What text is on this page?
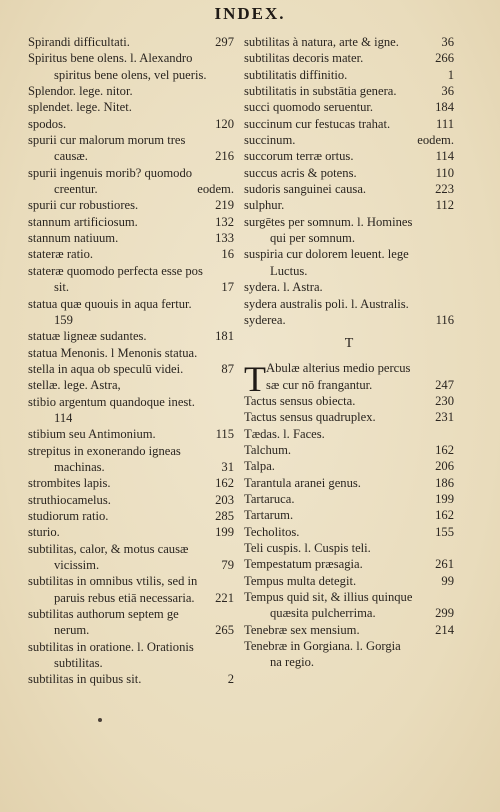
INDEX.
Spirandi difficultati.	297
Spiritus bene olens. l. Alexandro
spiritus bene olens, vel pueris.
Splendor. lege. nitor.
splendet. lege. Nitet.
spodos.	120
spurii cur malorum morum tres
causæ.	216
spurii ingenuis morib? quomodo
creentur.	eodem.
spurii cur robustiores.	219
stannum artificiosum.	132
stannum natiuum.	133
stateræ ratio.	16
stateræ quomodo perfecta esse pos
sit.	17
statua quæ quouis in aqua fertur.
159
statuæ ligneæ sudantes.	181
statua Menonis. l Menonis statua.
stella in aqua ob speculū videi.	87
stellæ. lege. Astra,
stibio argentum quandoque inest.
114
stibium seu Antimonium.	115
strepitus in exonerando igneas
machinas.	31
strombites lapis.	162
struthiocamelus.	203
studiorum ratio.	285
sturio.	199
subtilitas, calor, & motus causæ
vicissim.	79
subtilitas in omnibus vtilis, sed in
paruis rebus etiā necessaria.	221
subtilitas authorum septem ge
nerum.	265
subtilitas in oratione. l. Orationis
subtilitas.
subtilitas in quibus sit.	2
subtilitas à natura, arte & igne.	36
subtilitas decoris mater.	266
subtilitatis diffinitio.	1
subtilitatis in substātia genera.	36
succi quomodo seruentur.	184
succinum cur festucas trahat.	111
succinum.	eodem.
succorum terræ ortus.	114
succus acris & potens.	110
sudoris sanguinei causa.	223
sulphur.	112
surgētes per somnum. l. Homines
qui per somnum.
suspiria cur dolorem leuent. lege
Luctus.
sydera. l. Astra.
sydera australis poli. l. Australis.
syderea.	116
T
T Abulæ alterius medio percus
sæ cur nō frangantur.	247
Tactus sensus obiecta.	230
Tactus sensus quadruplex.	231
Tædas. l. Faces.
Talchum.	162
Talpa.	206
Tarantula aranei genus.	186
Tartaruca.	199
Tartarum.	162
Techolitos.	155
Teli cuspis. l. Cuspis teli.
Tempestatum præsagia.	261
Tempus multa detegit.	99
Tempus quid sit, & illius quinque
quæsita pulcherrima.	299
Tenebræ sex mensium.	214
Tenebræ in Gorgiana. l. Gorgia
na regio.
